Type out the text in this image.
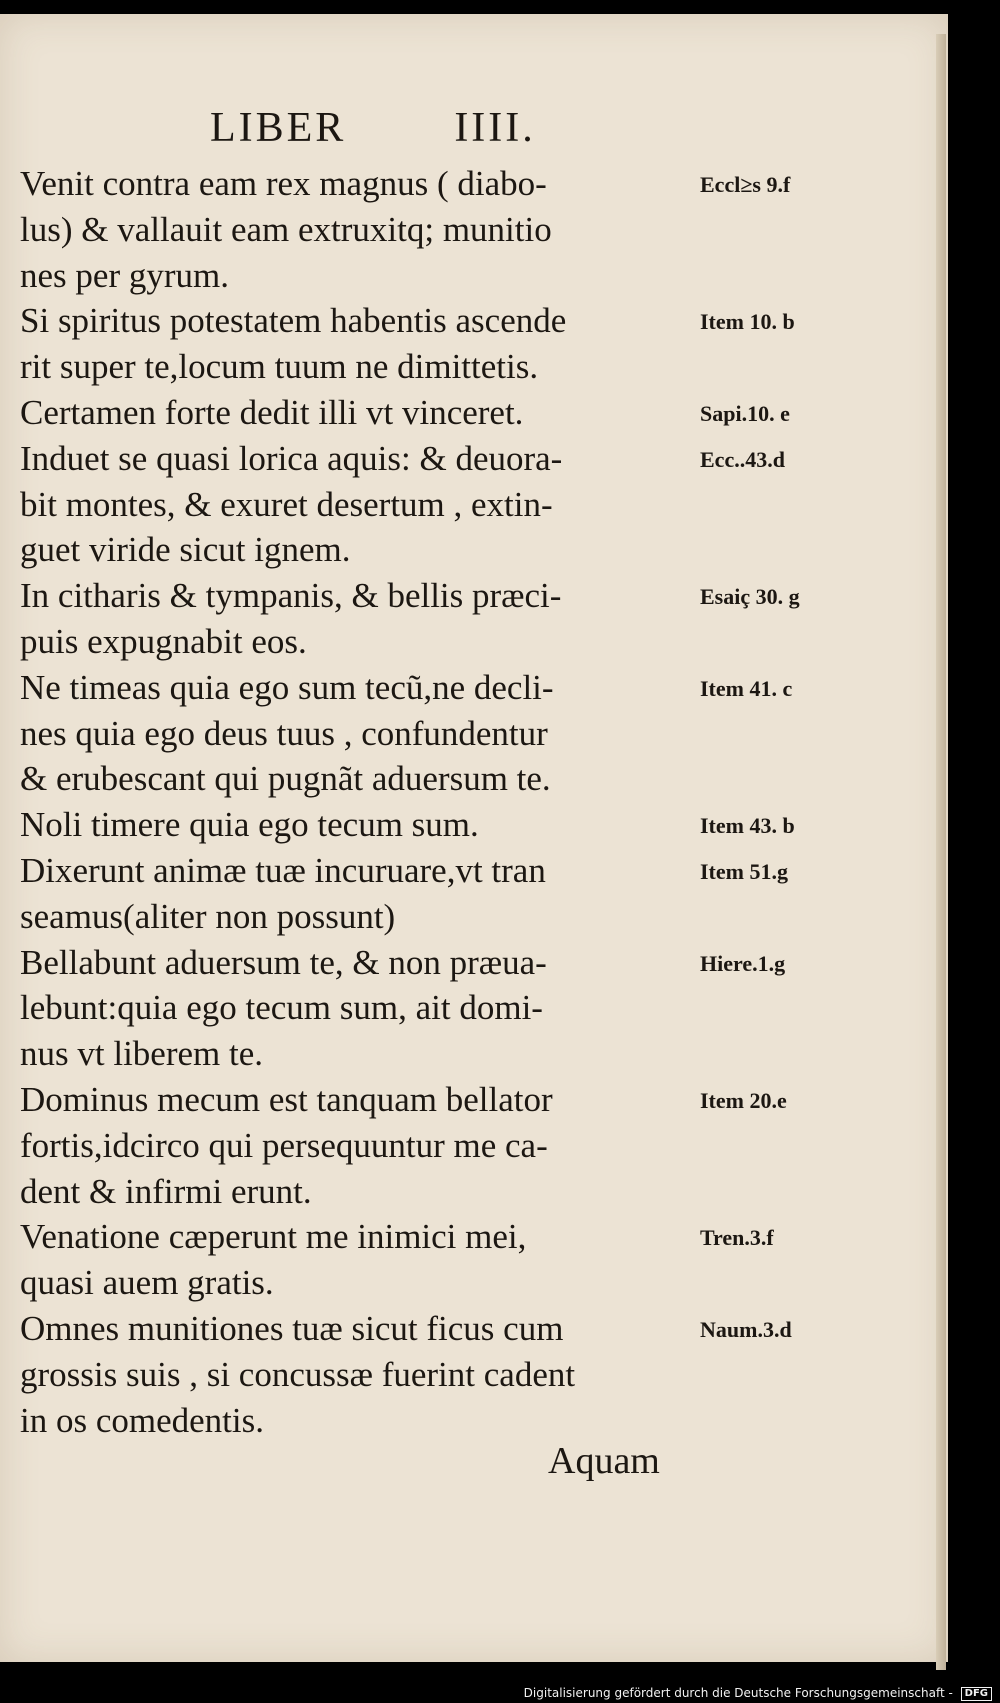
LIBER        IIII.
Venit contra eam rex magnus ( diabo-	Eccl≥s 9.f
lus) & vallauit eam extruxitq; munitio
nes per gyrum.
Si spiritus potestatem habentis ascende	Item 10. b
rit super te,locum tuum ne dimittetis.
Certamen forte dedit illi vt vinceret.	Sapi.10. e
Induet se quasi lorica aquis: & deuora-	Ecc..43.d
bit montes, & exuret desertum , extin-
guet viride sicut ignem.
In citharis & tympanis, & bellis præci-	Esaiç 30. g
puis expugnabit eos.
Ne timeas quia ego sum tecũ,ne decli-	Item 41. c
nes quia ego deus tuus , confundentur
& erubescant qui pugnãt aduersum te.
Noli timere quia ego tecum sum.	Item 43. b
Dixerunt animæ tuæ incuruare,vt tran	Item 51.g
seamus(aliter non possunt)
Bellabunt aduersum te, & non præua-	Hiere.1.g
lebunt:quia ego tecum sum, ait domi-
nus vt liberem te.
Dominus mecum est tanquam bellator	Item 20.e
fortis,idcirco qui persequuntur me ca-
dent & infirmi erunt.
Venatione cæperunt me inimici mei,	Tren.3.f
quasi auem gratis.
Omnes munitiones tuæ sicut ficus cum	Naum.3.d
grossis suis , si concussæ fuerint cadent
in os comedentis.
Aquam
Digitalisierung gefördert durch die Deutsche Forschungsgemeinschaft - DFG
